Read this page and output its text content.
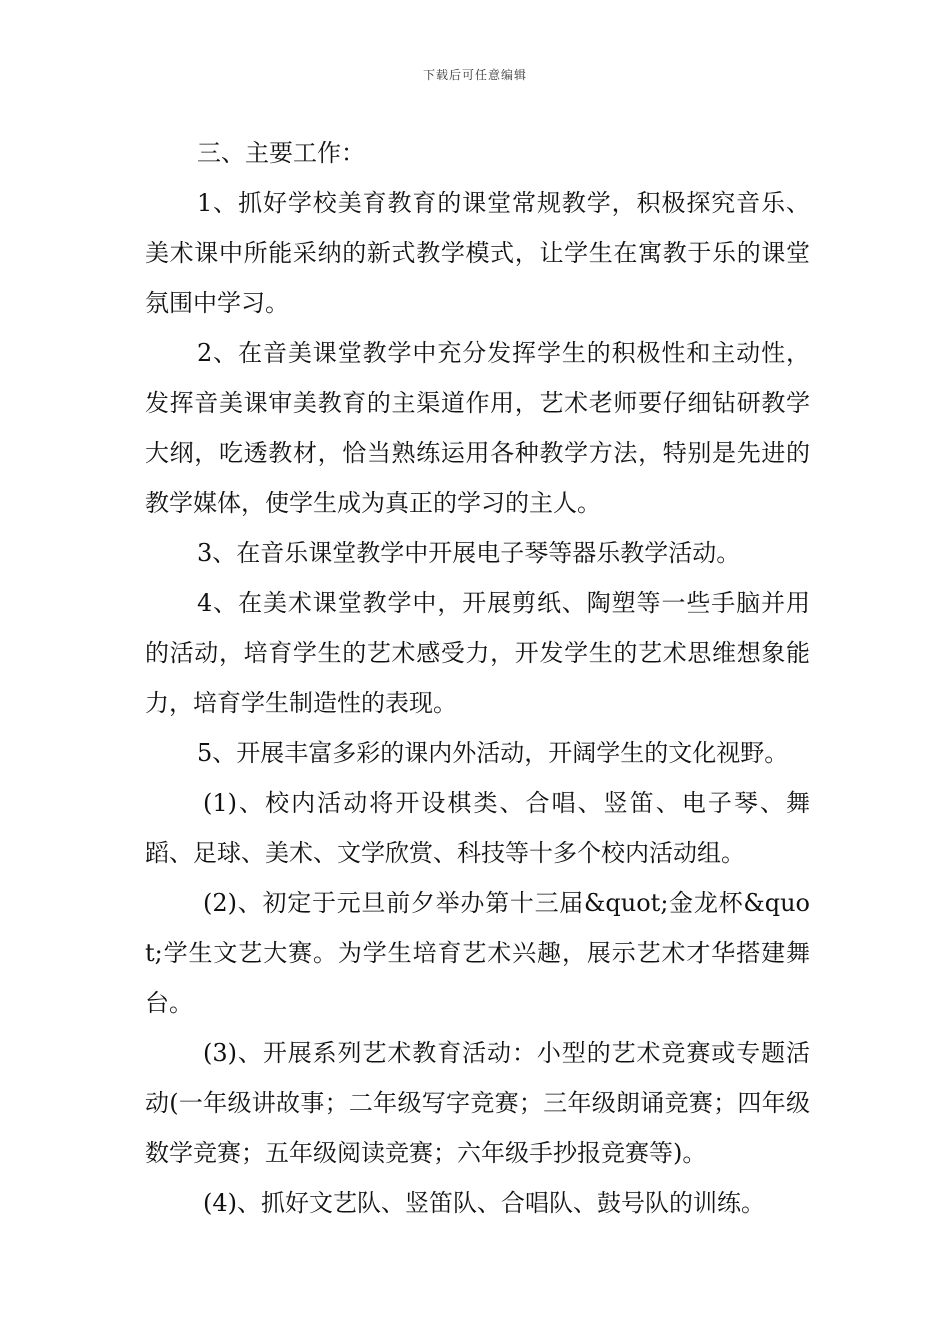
下载后可任意编辑

三、主要工作：

1、抓好学校美育教育的课堂常规教学，积极探究音乐、美术课中所能采纳的新式教学模式，让学生在寓教于乐的课堂氛围中学习。

2、在音美课堂教学中充分发挥学生的积极性和主动性，发挥音美课审美教育的主渠道作用，艺术老师要仔细钻研教学大纲，吃透教材，恰当熟练运用各种教学方法，特别是先进的教学媒体，使学生成为真正的学习的主人。

3、在音乐课堂教学中开展电子琴等器乐教学活动。

4、在美术课堂教学中，开展剪纸、陶塑等一些手脑并用的活动，培育学生的艺术感受力，开发学生的艺术思维想象能力，培育学生制造性的表现。

5、开展丰富多彩的课内外活动，开阔学生的文化视野。

(1)、校内活动将开设棋类、合唱、竖笛、电子琴、舞蹈、足球、美术、文学欣赏、科技等十多个校内活动组。

(2)、初定于元旦前夕举办第十三届&quot;金龙杯&quot;学生文艺大赛。为学生培育艺术兴趣，展示艺术才华搭建舞台。

(3)、开展系列艺术教育活动：小型的艺术竞赛或专题活动(一年级讲故事；二年级写字竞赛；三年级朗诵竞赛；四年级数学竞赛；五年级阅读竞赛；六年级手抄报竞赛等)。

(4)、抓好文艺队、竖笛队、合唱队、鼓号队的训练。
